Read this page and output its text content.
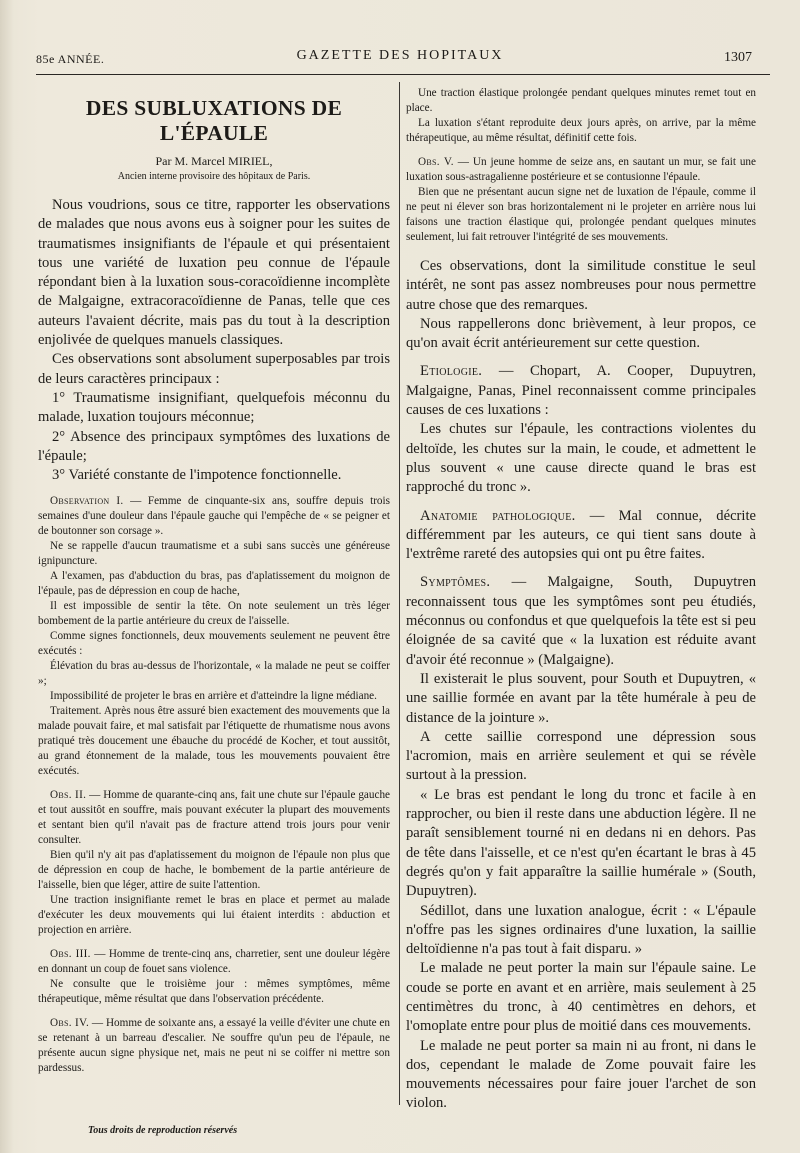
85e ANNÉE.	GAZETTE DES HOPITAUX	1307
DES SUBLUXATIONS DE L'ÉPAULE
Par M. Marcel MIRIEL,
Ancien interne provisoire des hôpitaux de Paris.

Nous voudrions, sous ce titre, rapporter les observations de malades que nous avons eus à soigner pour les suites de traumatismes insignifiants de l'épaule et qui présentaient tous une variété de luxation peu connue de l'épaule répondant bien à la luxation sous-coracoïdienne incomplète de Malgaigne, extracoracoïdienne de Panas, telle que ces auteurs l'avaient décrite, mais pas du tout à la description enjolivée de quelques manuels classiques.

Ces observations sont absolument superposables par trois de leurs caractères principaux :

1° Traumatisme insignifiant, quelquefois méconnu du malade, luxation toujours méconnue;

2° Absence des principaux symptômes des luxations de l'épaule;

3° Variété constante de l'impotence fonctionnelle.

Observation I. — Femme de cinquante-six ans, souffre depuis trois semaines d'une douleur dans l'épaule gauche qui l'empêche de « se peigner et de boutonner son corsage ».

Ne se rappelle d'aucun traumatisme et a subi sans succès une généreuse ignipuncture.

A l'examen, pas d'abduction du bras, pas d'aplatissement du moignon de l'épaule, pas de dépression en coup de hache,

Il est impossible de sentir la tête. On note seulement un très léger bombement de la partie antérieure du creux de l'aisselle.

Comme signes fonctionnels, deux mouvements seulement ne peuvent être exécutés :

Élévation du bras au-dessus de l'horizontale, « la malade ne peut se coiffer »;

Impossibilité de projeter le bras en arrière et d'atteindre la ligne médiane.

Traitement. Après nous être assuré bien exactement des mouvements que la malade pouvait faire, et mal satisfait par l'étiquette de rhumatisme nous avons pratiqué très doucement une ébauche du procédé de Kocher, et tout aussitôt, au grand étonnement de la malade, tous les mouvements pouvaient être exécutés.

Obs. II. — Homme de quarante-cinq ans, fait une chute sur l'épaule gauche et tout aussitôt en souffre, mais pouvant exécuter la plupart des mouvements et sentant bien qu'il n'avait pas de fracture attend trois jours pour venir consulter.

Bien qu'il n'y ait pas d'aplatissement du moignon de l'épaule non plus que de dépression en coup de hache, le bombement de la partie antérieure de l'aisselle, bien que léger, attire de suite l'attention.

Une traction insignifiante remet le bras en place et permet au malade d'exécuter les deux mouvements qui lui étaient interdits : abduction et projection en arrière.

Obs. III. — Homme de trente-cinq ans, charretier, sent une douleur légère en donnant un coup de fouet sans violence.

Ne consulte que le troisième jour : mêmes symptômes, même thérapeutique, même résultat que dans l'observation précédente.

Obs. IV. — Homme de soixante ans, a essayé la veille d'éviter une chute en se retenant à un barreau d'escalier. Ne souffre qu'un peu de l'épaule, ne présente aucun signe physique net, mais ne peut ni se coiffer ni mettre son pardessus.

Une traction élastique prolongée pendant quelques minutes remet tout en place.

La luxation s'étant reproduite deux jours après, on arrive, par la même thérapeutique, au même résultat, définitif cette fois.

Obs. V. — Un jeune homme de seize ans, en sautant un mur, se fait une luxation sous-astragalienne postérieure et se contusionne l'épaule.

Bien que ne présentant aucun signe net de luxation de l'épaule, comme il ne peut ni élever son bras horizontalement ni le projeter en arrière nous lui faisons une traction élastique qui, prolongée pendant quelques minutes seulement, lui fait retrouver l'intégrité de ses mouvements.

Ces observations, dont la similitude constitue le seul intérêt, ne sont pas assez nombreuses pour nous permettre autre chose que des remarques.

Nous rappellerons donc brièvement, à leur propos, ce qu'on avait écrit antérieurement sur cette question.

Etiologie. — Chopart, A. Cooper, Dupuytren, Malgaigne, Panas, Pinel reconnaissent comme principales causes de ces luxations :

Les chutes sur l'épaule, les contractions violentes du deltoïde, les chutes sur la main, le coude, et admettent le plus souvent « une cause directe quand le bras est rapproché du tronc ».

Anatomie pathologique. — Mal connue, décrite différemment par les auteurs, ce qui tient sans doute à l'extrême rareté des autopsies qui ont pu être faites.

Symptômes. — Malgaigne, South, Dupuytren reconnaissent tous que les symptômes sont peu étudiés, méconnus ou confondus et que quelquefois la tête est si peu éloignée de sa cavité que « la luxation est réduite avant d'avoir été reconnue » (Malgaigne).

Il existerait le plus souvent, pour South et Dupuytren, « une saillie formée en avant par la tête humérale à peu de distance de la jointure ».

A cette saillie correspond une dépression sous l'acromion, mais en arrière seulement et qui se révèle surtout à la pression.

« Le bras est pendant le long du tronc et facile à en rapprocher, ou bien il reste dans une abduction légère. Il ne paraît sensiblement tourné ni en dedans ni en dehors. Pas de tête dans l'aisselle, et ce n'est qu'en écartant le bras à 45 degrés qu'on y fait apparaître la saillie humérale » (South, Dupuytren).

Sédillot, dans une luxation analogue, écrit : « L'épaule n'offre pas les signes ordinaires d'une luxation, la saillie deltoïdienne n'a pas tout à fait disparu. »

Le malade ne peut porter la main sur l'épaule saine. Le coude se porte en avant et en arrière, mais seulement à 25 centimètres du tronc, à 40 centimètres en dehors, et l'omoplate entre pour plus de moitié dans ces mouvements.

Le malade ne peut porter sa main ni au front, ni dans le dos, cependant le malade de Zome pouvait faire les mouvements nécessaires pour faire jouer l'archet de son violon.

Tous droits de reproduction réservés
